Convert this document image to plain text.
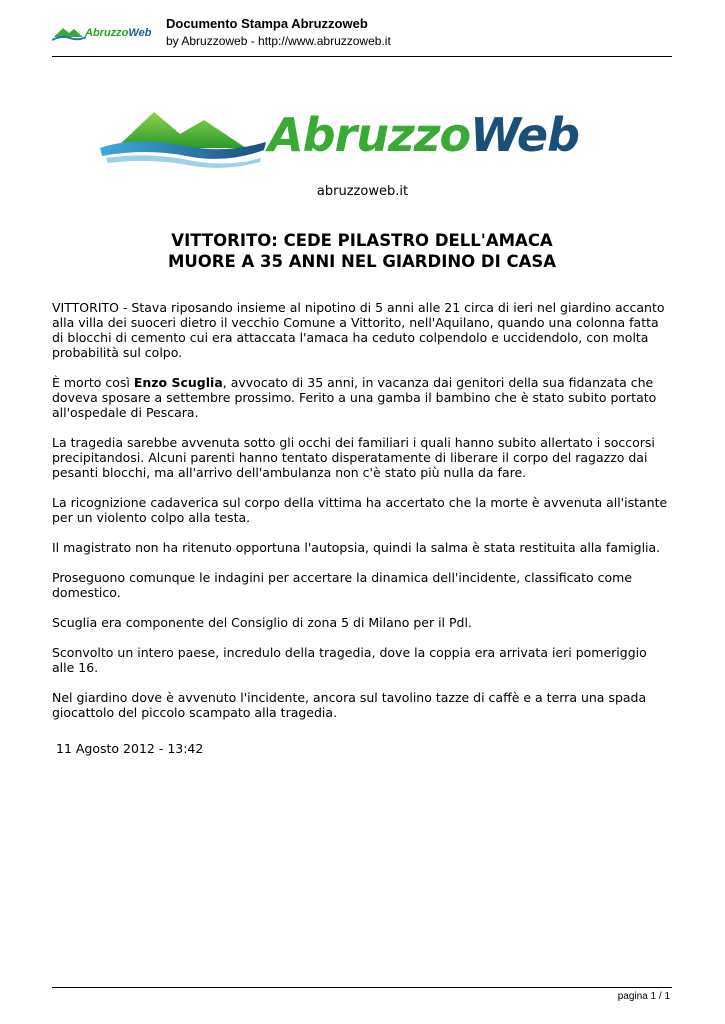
AbruzzoWeb
Documento Stampa Abruzzoweb
by Abruzzoweb - http://www.abruzzoweb.it
AbruzzoWeb
abruzzoweb.it
VITTORITO: CEDE PILASTRO DELL'AMACA
MUORE A 35 ANNI NEL GIARDINO DI CASA

VITTORITO - Stava riposando insieme al nipotino di 5 anni alle 21 circa di ieri nel giardino accanto alla villa dei suoceri dietro il vecchio Comune a Vittorito, nell'Aquilano, quando una colonna fatta di blocchi di cemento cui era attaccata l'amaca ha ceduto colpendolo e uccidendolo, con molta probabilità sul colpo.

È morto così Enzo Scuglia, avvocato di 35 anni, in vacanza dai genitori della sua fidanzata che doveva sposare a settembre prossimo. Ferito a una gamba il bambino che è stato subito portato all'ospedale di Pescara.

La tragedia sarebbe avvenuta sotto gli occhi dei familiari i quali hanno subito allertato i soccorsi precipitandosi. Alcuni parenti hanno tentato disperatamente di liberare il corpo del ragazzo dai pesanti blocchi, ma all'arrivo dell'ambulanza non c'è stato più nulla da fare.

La ricognizione cadaverica sul corpo della vittima ha accertato che la morte è avvenuta all'istante per un violento colpo alla testa.

Il magistrato non ha ritenuto opportuna l'autopsia, quindi la salma è stata restituita alla famiglia.

Proseguono comunque le indagini per accertare la dinamica dell'incidente, classificato come domestico.

Scuglia era componente del Consiglio di zona 5 di Milano per il Pdl.

Sconvolto un intero paese, incredulo della tragedia, dove la coppia era arrivata ieri pomeriggio alle 16.

Nel giardino dove è avvenuto l'incidente, ancora sul tavolino tazze di caffè e a terra una spada giocattolo del piccolo scampato alla tragedia.

11 Agosto 2012 - 13:42
pagina 1 / 1
